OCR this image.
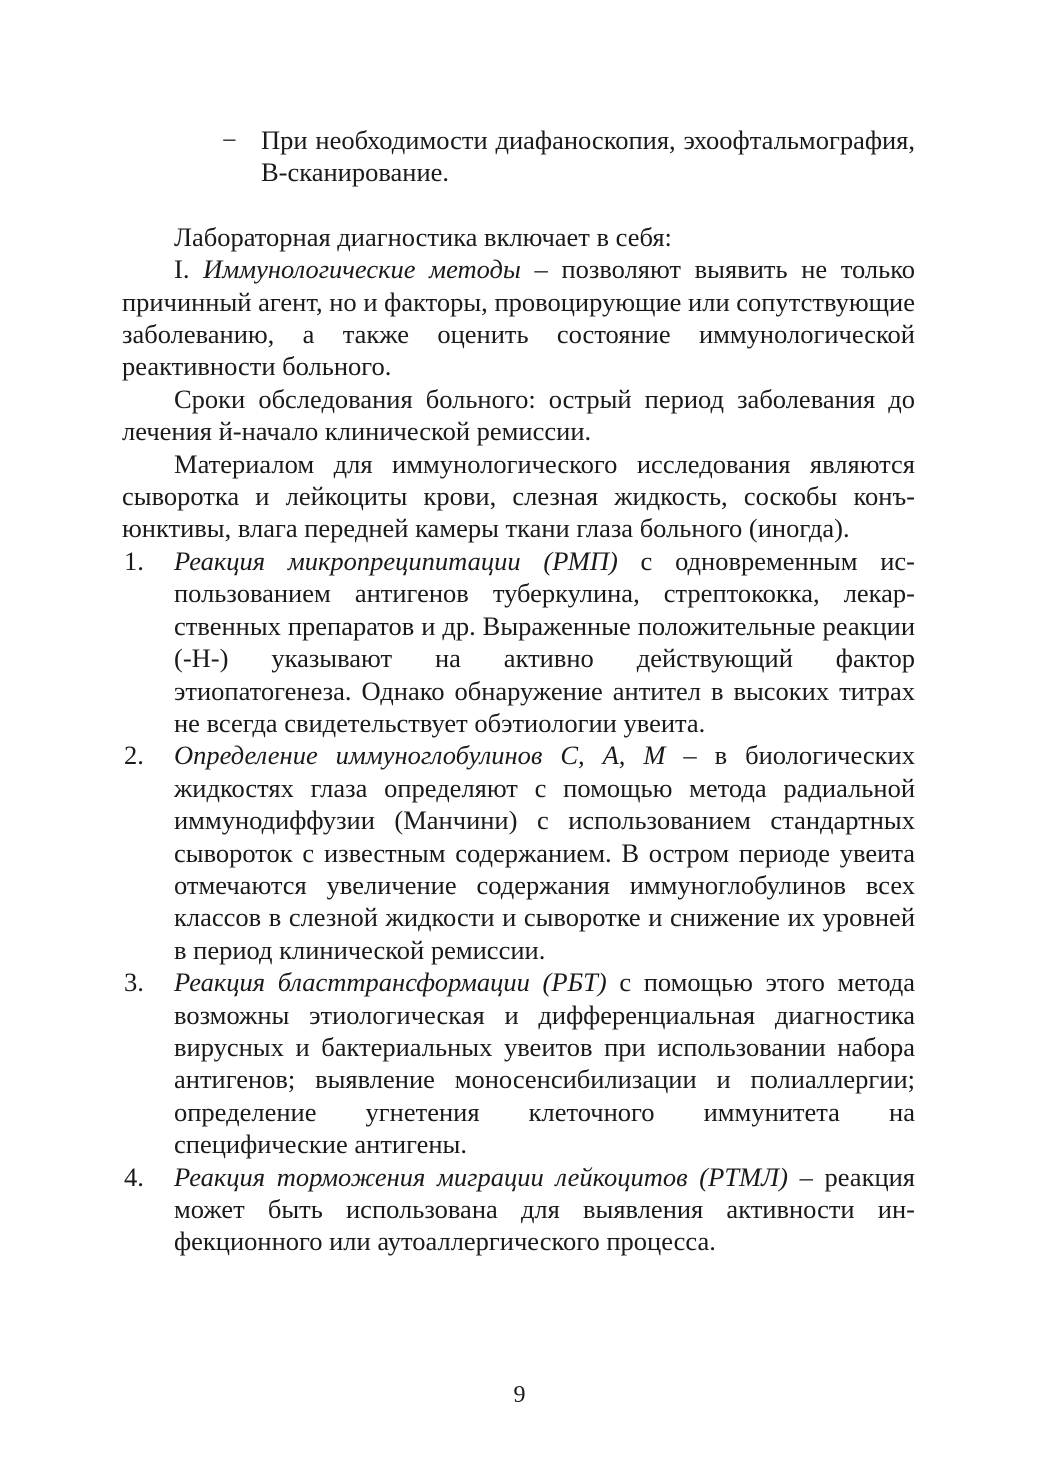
− При необходимости диафаноскопия, эхоофтальмография, В-сканирование.

Лабораторная диагностика включает в себя:

I. Иммунологические методы – позволяют выявить не только причинный агент, но и факторы, провоцирующие или сопутствующие заболеванию, а также оценить состояние иммунологической реактивности больного.

Сроки обследования больного: острый период заболевания до лечения й-начало клинической ремиссии.

Материалом для иммунологического исследования являются сыворотка и лейкоциты крови, слезная жидкость, соскобы конъюнктивы, влага передней камеры ткани глаза больного (иногда).

1. Реакция микропреципитации (РМП) с одновременным использованием антигенов туберкулина, стрептококка, лекарственных препаратов и др. Выраженные положительные реакции (-Н-) указывают на активно действующий фактор этиопатогенеза. Однако обнаружение антител в высоких титрах не всегда свидетельствует обэтиологии увеита.

2. Определение иммуноглобулинов С, А, М – в биологических жидкостях глаза определяют с помощью метода радиальной иммунодиффузии (Манчини) с использованием стандартных сывороток с известным содержанием. В остром периоде увеита отмечаются увеличение содержания иммуноглобулинов всех классов в слезной жидкости и сыворотке и снижение их уровней в период клинической ремиссии.

3. Реакция бласттрансформации (РБТ) с помощью этого метода возможны этиологическая и дифференциальная диагностика вирусных и бактериальных увеитов при использовании набора антигенов; выявление моносенсибилизации и полиаллергии; определение угнетения клеточного иммунитета на специфические антигены.

4. Реакция торможения миграции лейкоцитов (РТМЛ) – реакция может быть использована для выявления активности инфекционного или аутоаллергического процесса.

9
